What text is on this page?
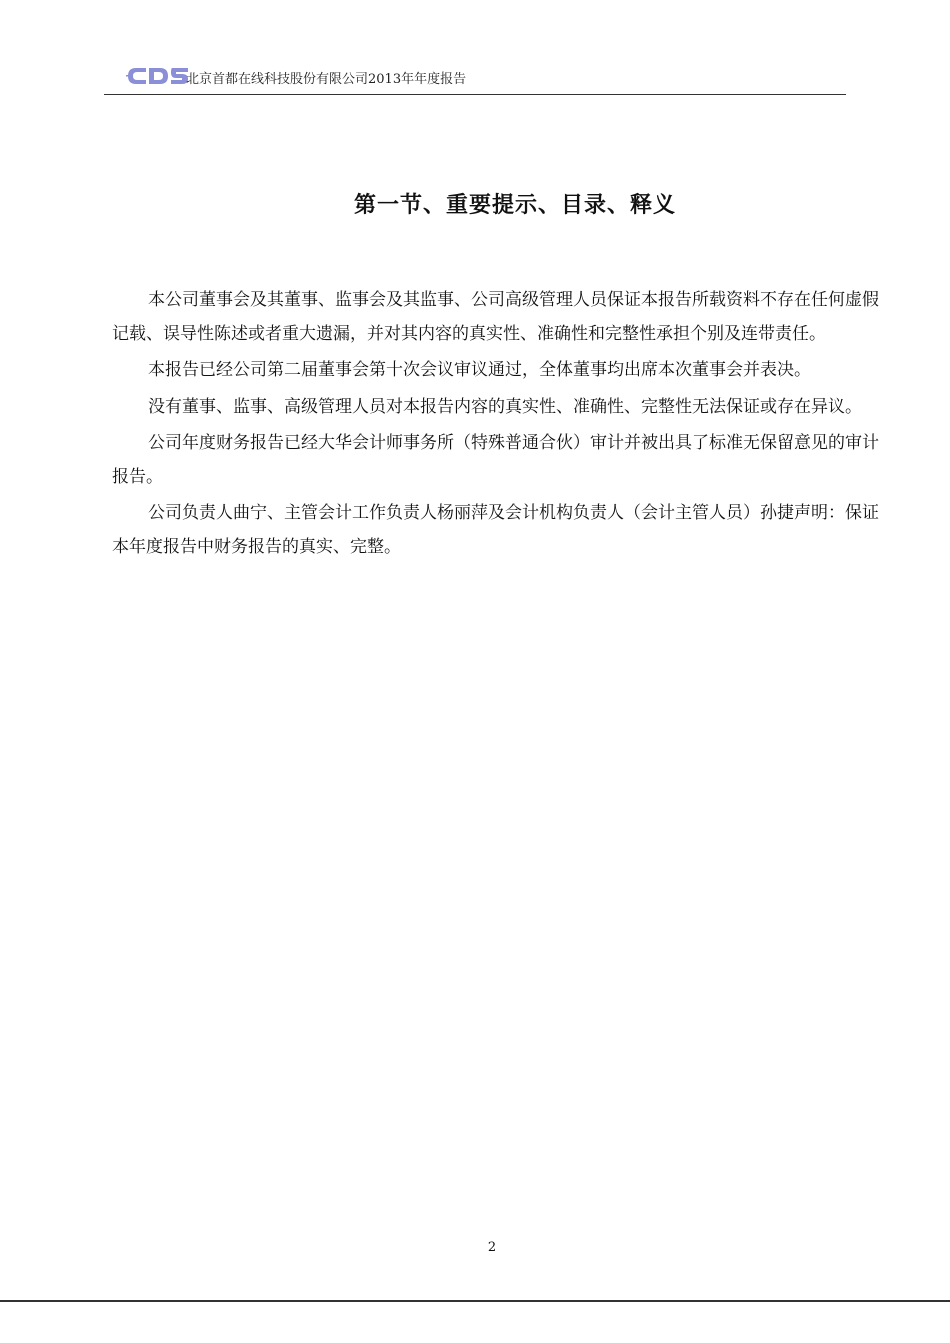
北京首都在线科技股份有限公司2013年年度报告
第一节、重要提示、目录、释义

本公司董事会及其董事、监事会及其监事、公司高级管理人员保证本报告所载资料不存在任何虚假记载、误导性陈述或者重大遗漏，并对其内容的真实性、准确性和完整性承担个别及连带责任。

本报告已经公司第二届董事会第十次会议审议通过，全体董事均出席本次董事会并表决。

没有董事、监事、高级管理人员对本报告内容的真实性、准确性、完整性无法保证或存在异议。

公司年度财务报告已经大华会计师事务所（特殊普通合伙）审计并被出具了标准无保留意见的审计报告。

公司负责人曲宁、主管会计工作负责人杨丽萍及会计机构负责人（会计主管人员）孙捷声明：保证本年度报告中财务报告的真实、完整。

2
